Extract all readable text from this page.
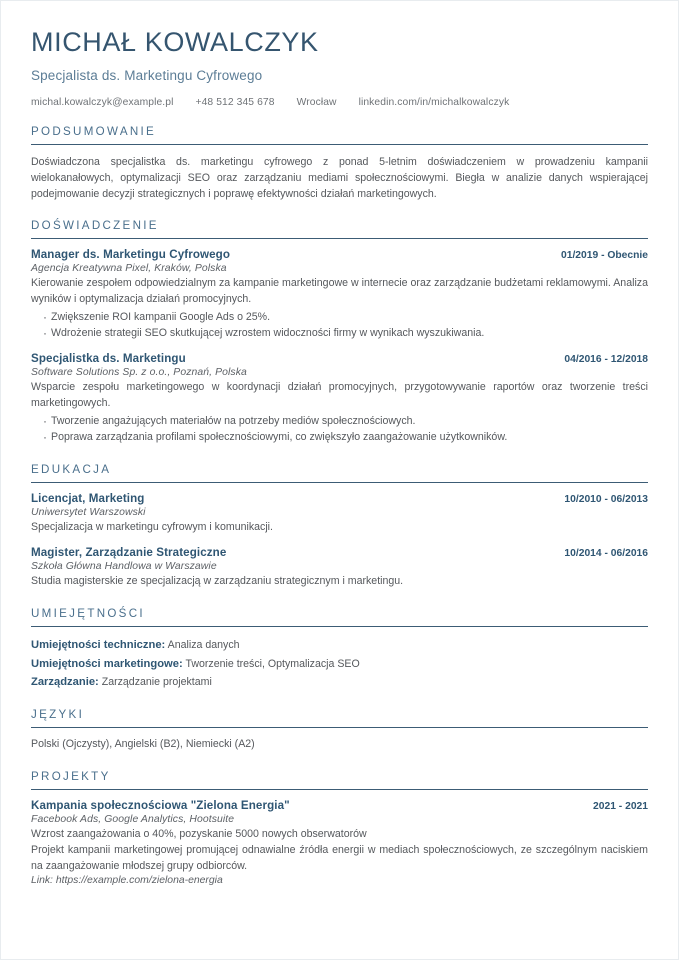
MICHAŁ KOWALCZYK
Specjalista ds. Marketingu Cyfrowego
michal.kowalczyk@example.pl +48 512 345 678 Wrocław linkedin.com/in/michalkowalczyk
PODSUMOWANIE

Doświadczona specjalistka ds. marketingu cyfrowego z ponad 5-letnim doświadczeniem w prowadzeniu kampanii wielokanałowych, optymalizacji SEO oraz zarządzaniu mediami społecznościowymi. Biegła w analizie danych wspierającej podejmowanie decyzji strategicznych i poprawę efektywności działań marketingowych.

DOŚWIADCZENIE
Manager ds. Marketingu Cyfrowego	01/2019 - Obecnie
Agencja Kreatywna Pixel, Kraków, Polska

Kierowanie zespołem odpowiedzialnym za kampanie marketingowe w internecie oraz zarządzanie budżetami reklamowymi. Analiza wyników i optymalizacja działań promocyjnych.

· Zwiększenie ROI kampanii Google Ads o 25%.
· Wdrożenie strategii SEO skutkującej wzrostem widoczności firmy w wynikach wyszukiwania.
Specjalistka ds. Marketingu	04/2016 - 12/2018
Software Solutions Sp. z o.o., Poznań, Polska

Wsparcie zespołu marketingowego w koordynacji działań promocyjnych, przygotowywanie raportów oraz tworzenie treści marketingowych.

· Tworzenie angażujących materiałów na potrzeby mediów społecznościowych.
· Poprawa zarządzania profilami społecznościowymi, co zwiększyło zaangażowanie użytkowników.
EDUKACJA
Licencjat, Marketing	10/2010 - 06/2013
Uniwersytet Warszowski

Specjalizacja w marketingu cyfrowym i komunikacji.

Magister, Zarządzanie Strategiczne	10/2014 - 06/2016
Szkoła Główna Handlowa w Warszawie

Studia magisterskie ze specjalizacją w zarządzaniu strategicznym i marketingu.

UMIEJĘTNOŚCI
Umiejętności techniczne: Analiza danych
Umiejętności marketingowe: Tworzenie treści, Optymalizacja SEO
Zarządzanie: Zarządzanie projektami
JĘZYKI

Polski (Ojczysty), Angielski (B2), Niemiecki (A2)

PROJEKTY
Kampania społecznościowa "Zielona Energia"	2021 - 2021
Facebook Ads, Google Analytics, Hootsuite

Wzrost zaangażowania o 40%, pozyskanie 5000 nowych obserwatorów

Projekt kampanii marketingowej promującej odnawialne źródła energii w mediach społecznościowych, ze szczególnym naciskiem na zaangażowanie młodszej grupy odbiorców.

Link: https://example.com/zielona-energia
